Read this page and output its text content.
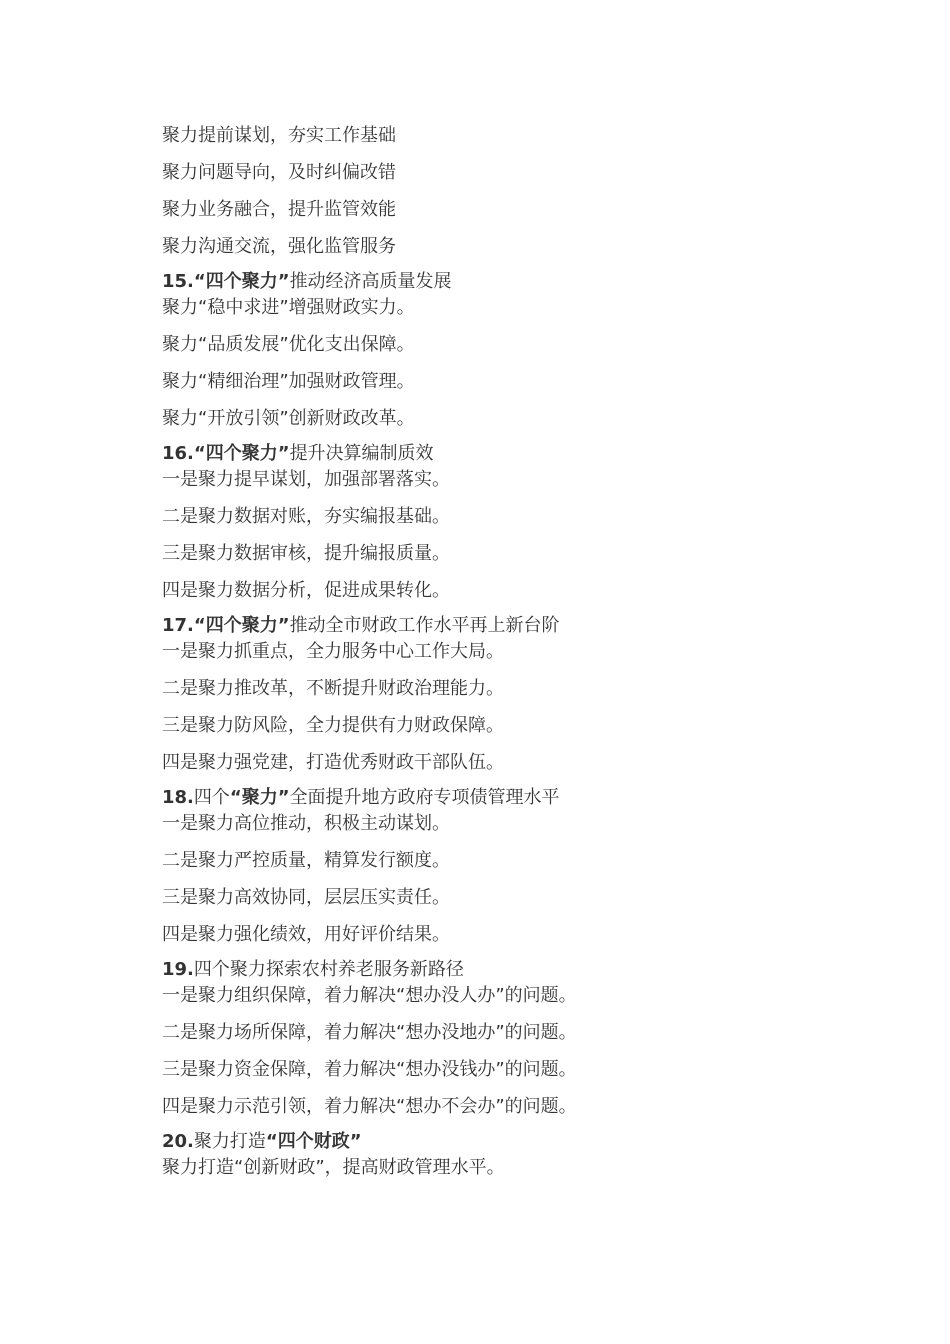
聚力提前谋划，夯实工作基础
聚力问题导向，及时纠偏改错
聚力业务融合，提升监管效能
聚力沟通交流，强化监管服务
15.“四个聚力”推动经济高质量发展
聚力“稳中求进”增强财政实力。
聚力“品质发展”优化支出保障。
聚力“精细治理”加强财政管理。
聚力“开放引领”创新财政改革。
16.“四个聚力”提升决算编制质效
一是聚力提早谋划，加强部署落实。
二是聚力数据对账，夯实编报基础。
三是聚力数据审核，提升编报质量。
四是聚力数据分析，促进成果转化。
17.“四个聚力”推动全市财政工作水平再上新台阶
一是聚力抓重点，全力服务中心工作大局。
二是聚力推改革，不断提升财政治理能力。
三是聚力防风险，全力提供有力财政保障。
四是聚力强党建，打造优秀财政干部队伍。
18.四个“聚力”全面提升地方政府专项债管理水平
一是聚力高位推动，积极主动谋划。
二是聚力严控质量，精算发行额度。
三是聚力高效协同，层层压实责任。
四是聚力强化绩效，用好评价结果。
19.四个聚力探索农村养老服务新路径
一是聚力组织保障，着力解决“想办没人办”的问题。
二是聚力场所保障，着力解决“想办没地办”的问题。
三是聚力资金保障，着力解决“想办没钱办”的问题。
四是聚力示范引领，着力解决“想办不会办”的问题。
20.聚力打造“四个财政”
聚力打造“创新财政”，提高财政管理水平。
